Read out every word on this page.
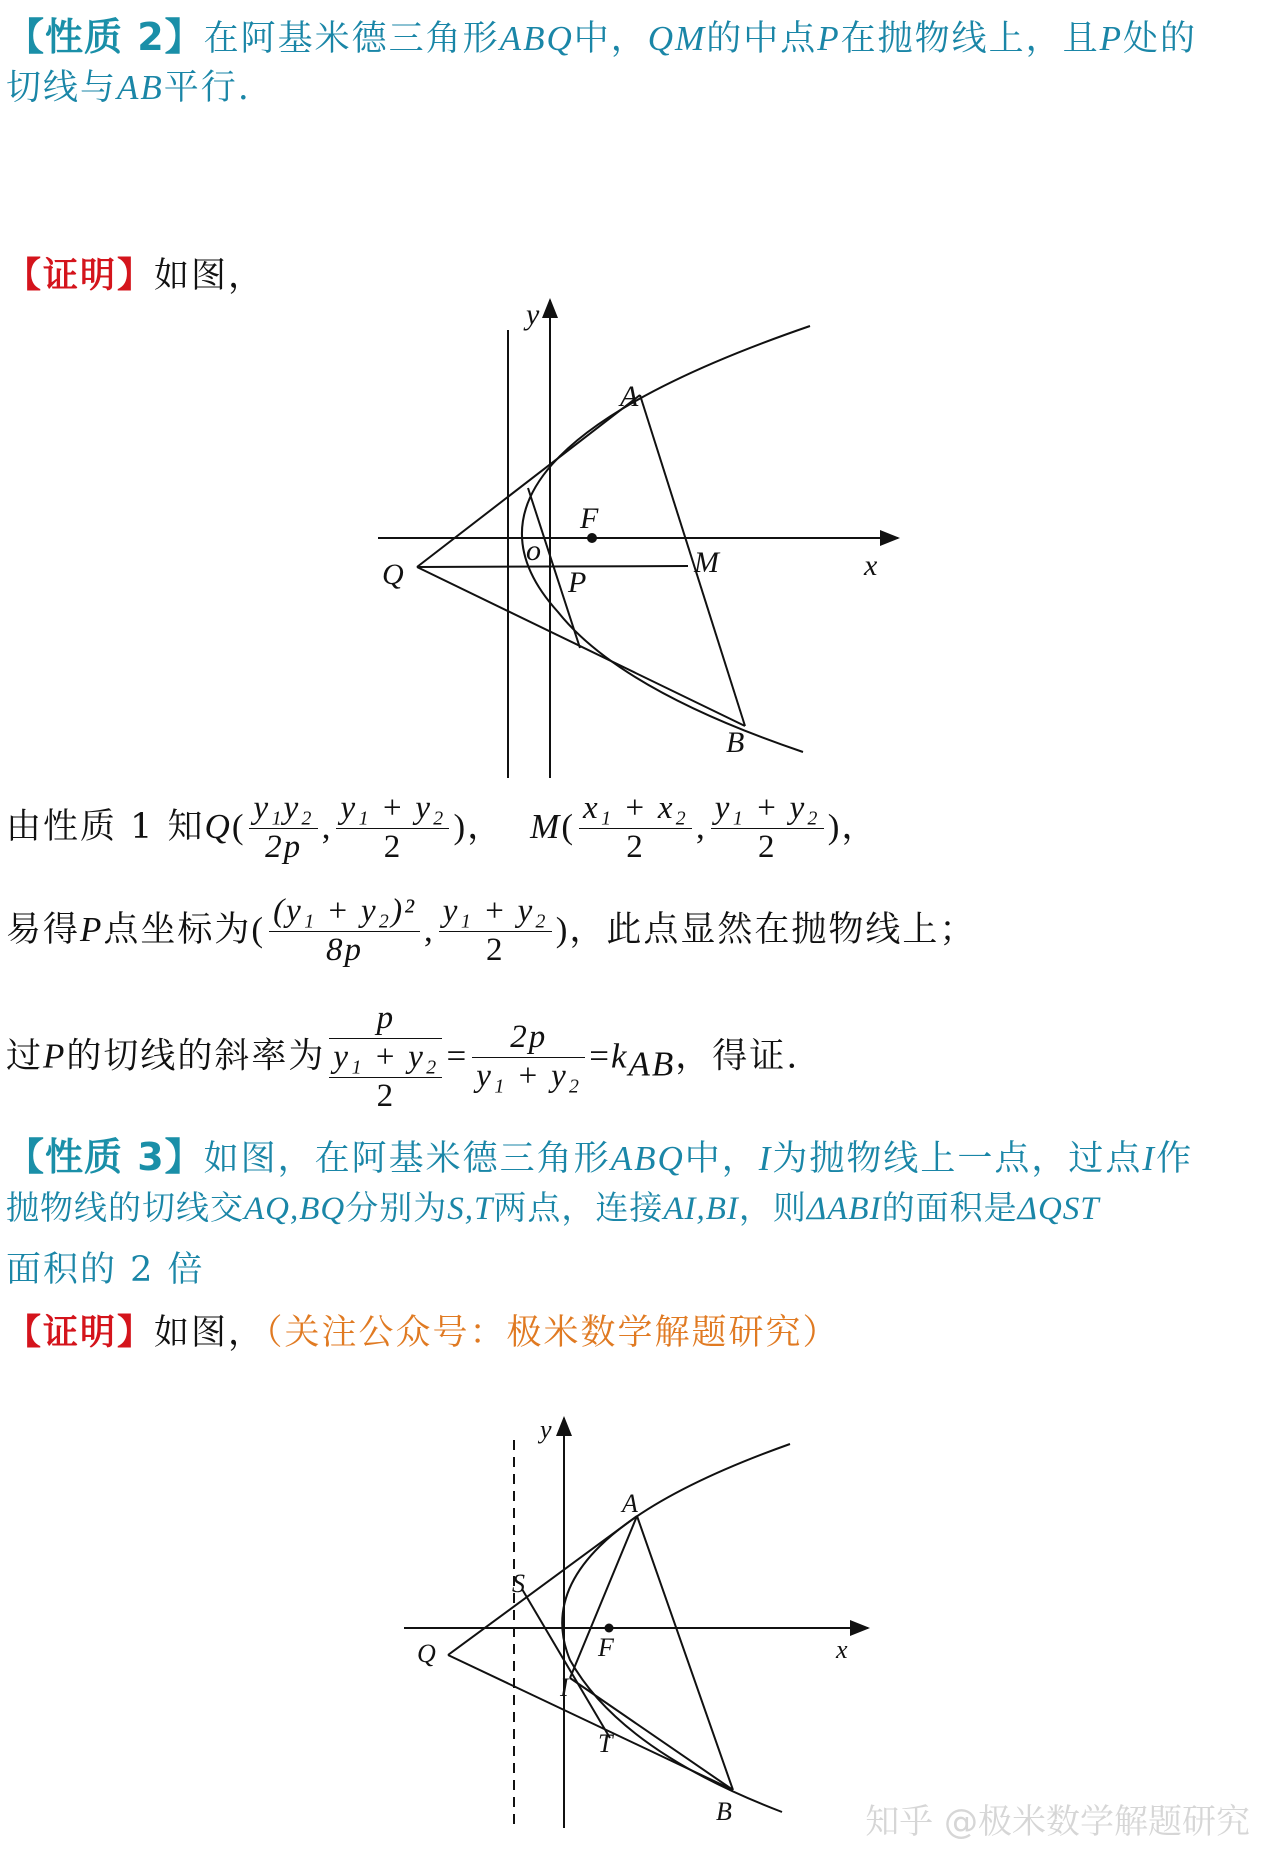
【性质 2】在阿基米德三角形ABQ中，QM的中点P在抛物线上，且P处的
切线与AB平行.
【证明】如图，
y
A
F
o
Q	M
P
x
B
由性质 1 知$Q( \frac{\text{y₁y₂}}{2p}$ , $\frac{\text{y₁ + y₂}}{2}$ )， $M( \frac{\text{x₁ + x₂}}{2}$ , $\frac{\text{y₁ + y₂}}{2}$ )，
易得P点坐标为( $\frac{\text{(y₁ + y₂)²}}{8p}$ , $\frac{\text{y₁ + y₂}}{2}$ )，此点显然在抛物线上；
过P的切线的斜率为 $\frac{p}{\frac{\text{y₁ + y₂}}{2}} = \frac{2p}{\text{y₁ + y₂}} =k_{AB}$，得证.
【性质 3】如图，在阿基米德三角形ABQ中，I为抛物线上一点，过点I作
抛物线的切线交AQ,BQ分别为S,T两点，连接AI,BI，则ΔABI的面积是ΔQST
面积的 2 倍
【证明】如图，（关注公众号：极米数学解题研究）
y
A
S
Q	F	x
I
T
B	知乎 @极米数学解题研究
